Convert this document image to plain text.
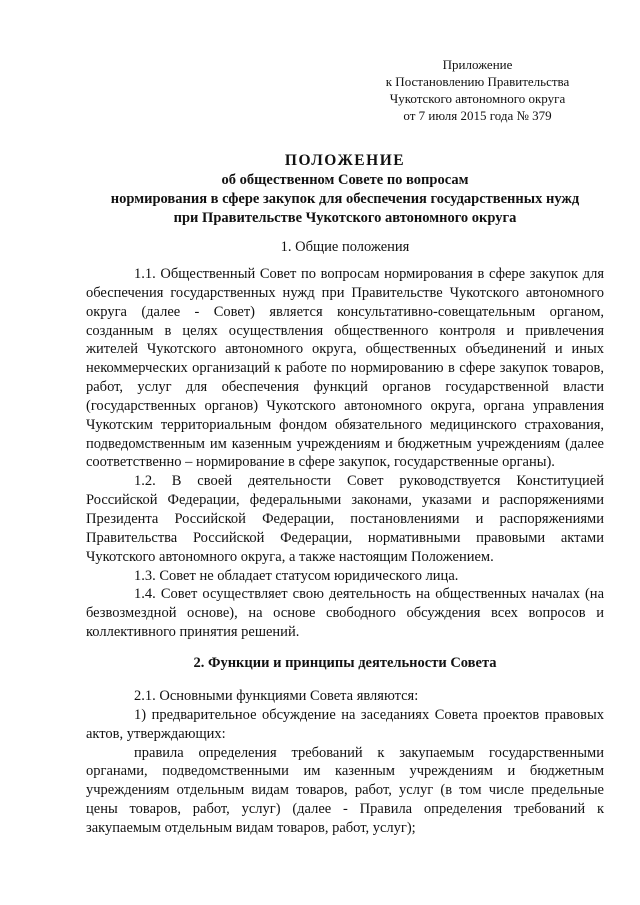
Приложение
к Постановлению Правительства
Чукотского автономного округа
от 7 июля 2015 года № 379
ПОЛОЖЕНИЕ
об общественном Совете по вопросам
нормирования в сфере закупок для обеспечения государственных нужд
при Правительстве Чукотского автономного округа
1. Общие положения

1.1. Общественный Совет по вопросам нормирования в сфере закупок для обеспечения государственных нужд при Правительстве Чукотского автономного округа (далее - Совет) является консультативно-совещательным органом, созданным в целях осуществления общественного контроля и привлечения жителей Чукотского автономного округа, общественных объединений и иных некоммерческих организаций к работе по нормированию в сфере закупок товаров, работ, услуг для обеспечения функций органов государственной власти (государственных органов) Чукотского автономного округа, органа управления Чукотским территориальным фондом обязательного медицинского страхования, подведомственным им казенным учреждениям и бюджетным учреждениям (далее соответственно – нормирование в сфере закупок, государственные органы).

1.2. В своей деятельности Совет руководствуется Конституцией Российской Федерации, федеральными законами, указами и распоряжениями Президента Российской Федерации, постановлениями и распоряжениями Правительства Российской Федерации, нормативными правовыми актами Чукотского автономного округа, а также настоящим Положением.

1.3. Совет не обладает статусом юридического лица.

1.4. Совет осуществляет свою деятельность на общественных началах (на безвозмездной основе), на основе свободного обсуждения всех вопросов и коллективного принятия решений.

2. Функции и принципы деятельности Совета

2.1. Основными функциями Совета являются:

1) предварительное обсуждение на заседаниях Совета проектов правовых актов, утверждающих:

правила определения требований к закупаемым государственными органами, подведомственными им казенным учреждениям и бюджетным учреждениям отдельным видам товаров, работ, услуг (в том числе предельные цены товаров, работ, услуг) (далее - Правила определения требований к закупаемым отдельным видам товаров, работ, услуг);
